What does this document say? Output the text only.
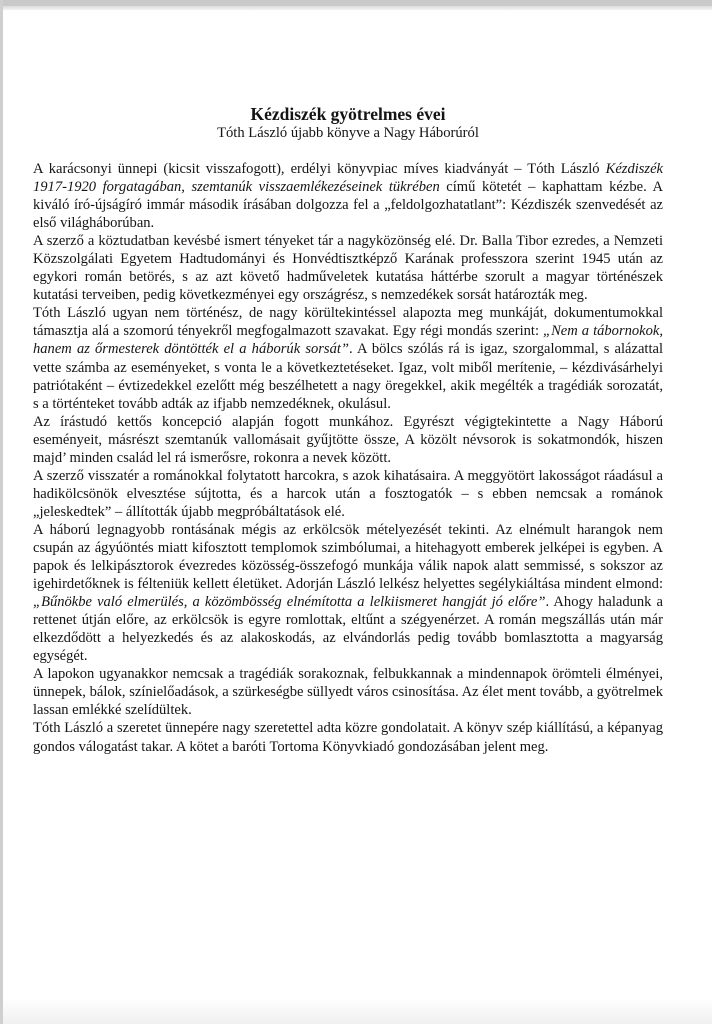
Kézdiszék gyötrelmes évei

Tóth László újabb könyve a Nagy Háborúról

A karácsonyi ünnepi (kicsit visszafogott), erdélyi könyvpiac míves kiadványát – Tóth László Kézdiszék 1917-1920 forgatagában, szemtanúk visszaemlékezéseinek tükrében című kötetét – kaphattam kézbe. A kiváló író-újságíró immár második írásában dolgozza fel a „feldolgozhatatlant”: Kézdiszék szenvedését az első világháborúban.

A szerző a köztudatban kevésbé ismert tényeket tár a nagyközönség elé. Dr. Balla Tibor ezredes, a Nemzeti Közszolgálati Egyetem Hadtudományi és Honvédtisztképző Karának professzora szerint 1945 után az egykori román betörés, s az azt követő hadműveletek kutatása háttérbe szorult a magyar történészek kutatási terveiben, pedig következményei egy országrész, s nemzedékek sorsát határozták meg.

Tóth László ugyan nem történész, de nagy körültekintéssel alapozta meg munkáját, dokumentumokkal támasztja alá a szomorú tényekről megfogalmazott szavakat. Egy régi mondás szerint: „Nem a tábornokok, hanem az őrmesterek döntötték el a háborúk sorsát”. A bölcs szólás rá is igaz, szorgalommal, s alázattal vette számba az eseményeket, s vonta le a következtetéseket. Igaz, volt miből merítenie, – kézdivásárhelyi patriótaként – évtizedekkel ezelőtt még beszélhetett a nagy öregekkel, akik megélték a tragédiák sorozatát, s a történteket tovább adták az ifjabb nemzedéknek, okulásul.

Az írástudó kettős koncepció alapján fogott munkához. Egyrészt végigtekintette a Nagy Háború eseményeit, másrészt szemtanúk vallomásait gyűjtötte össze, A közölt névsorok is sokatmondók, hiszen majd’ minden család lel rá ismerősre, rokonra a nevek között.

A szerző visszatér a románokkal folytatott harcokra, s azok kihatásaira. A meggyötört lakosságot ráadásul a hadikölcsönök elvesztése sújtotta, és a harcok után a fosztogatók – s ebben nemcsak a románok „jeleskedtek” – állították újabb megpróbáltatások elé.

A háború legnagyobb rontásának mégis az erkölcsök mételyezését tekinti. Az elnémult harangok nem csupán az ágyúöntés miatt kifosztott templomok szimbólumai, a hitehagyott emberek jelképei is egyben. A papok és lelkipásztorok évezredes közösség-összefogó munkája válik napok alatt semmissé, s sokszor az igehirdetőknek is félteniük kellett életüket. Adorján László lelkész helyettes segélykiáltása mindent elmond: „Bűnökbe való elmerülés, a közömbösség elnémította a lelkiismeret hangját jó előre”. Ahogy haladunk a rettenet útján előre, az erkölcsök is egyre romlottak, eltűnt a szégyenérzet. A román megszállás után már elkezdődött a helyezkedés és az alakoskodás, az elvándorlás pedig tovább bomlasztotta a magyarság egységét.

A lapokon ugyanakkor nemcsak a tragédiák sorakoznak, felbukkannak a mindennapok örömteli élményei, ünnepek, bálok, színielőadások, a szürkeségbe süllyedt város csinosítása. Az élet ment tovább, a gyötrelmek lassan emlékké szelídültek.

Tóth László a szeretet ünnepére nagy szeretettel adta közre gondolatait. A könyv szép kiállítású, a képanyag gondos válogatást takar. A kötet a baróti Tortoma Könyvkiadó gondozásában jelent meg.
